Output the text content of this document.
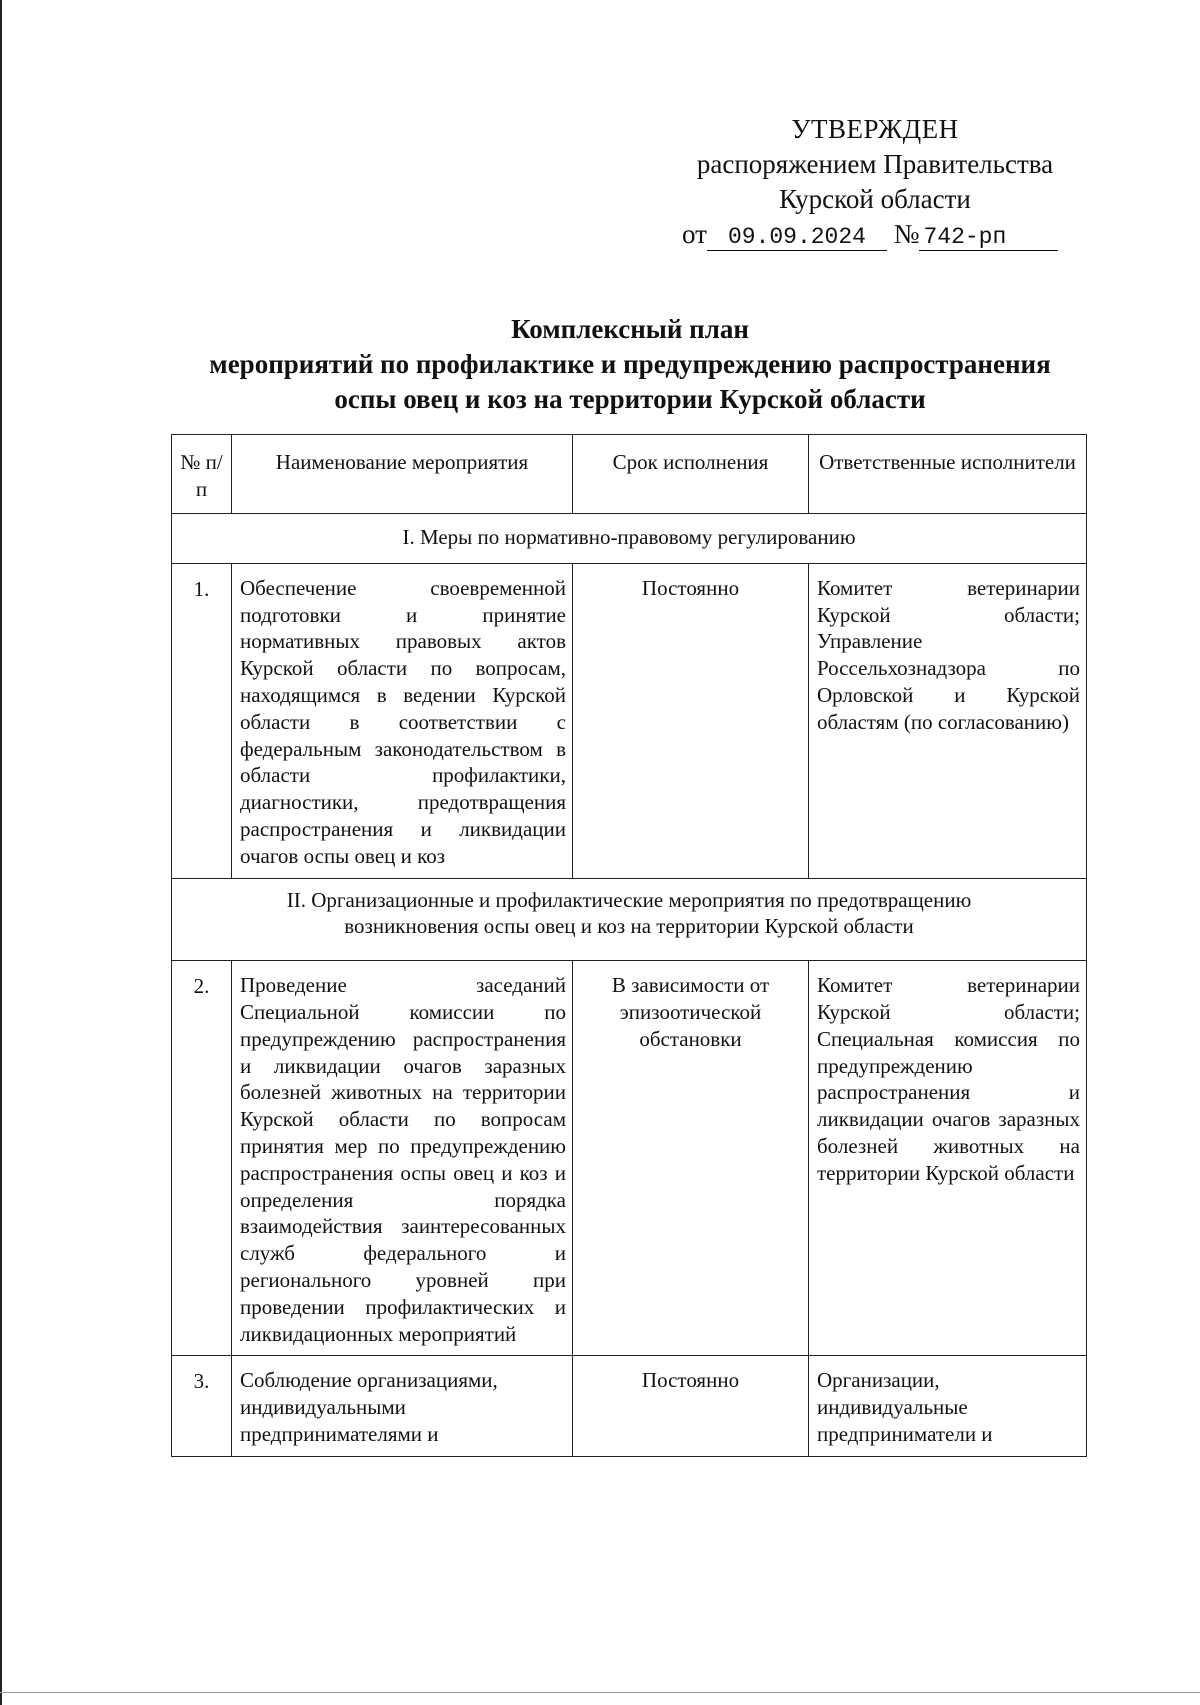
УТВЕРЖДЕН
распоряжением Правительства
Курской области
от 09.09.2024 № 742-рп
Комплексный план
мероприятий по профилактике и предупреждению распространения
оспы овец и коз на территории Курской области
№ п/п	Наименование мероприятия	Срок исполнения	Ответственные исполнители
I. Меры по нормативно-правовому регулированию			
1.	Обеспечение своевременной подготовки и принятие нормативных правовых актов Курской области по вопросам, находящимся в ведении Курской области в соответствии с федеральным законодательством в области профилактики, диагностики, предотвращения распространения и ликвидации очагов оспы овец и коз	Постоянно	Комитет ветеринарии Курской области; Управление Россельхознадзора по Орловской и Курской областям (по согласованию)
II. Организационные и профилактические мероприятия по предотвращению возникновения оспы овец и коз на территории Курской области			
2.	Проведение заседаний Специальной комиссии по предупреждению распространения и ликвидации очагов заразных болезней животных на территории Курской области по вопросам принятия мер по предупреждению распространения оспы овец и коз и определения порядка взаимодействия заинтересованных служб федерального и регионального уровней при проведении профилактических и ликвидационных мероприятий	В зависимости от эпизоотической обстановки	Комитет ветеринарии Курской области; Специальная комиссия по предупреждению распространения и ликвидации очагов заразных болезней животных на территории Курской области
3.	Соблюдение организациями, индивидуальными предпринимателями и	Постоянно	Организации, индивидуальные предприниматели и
